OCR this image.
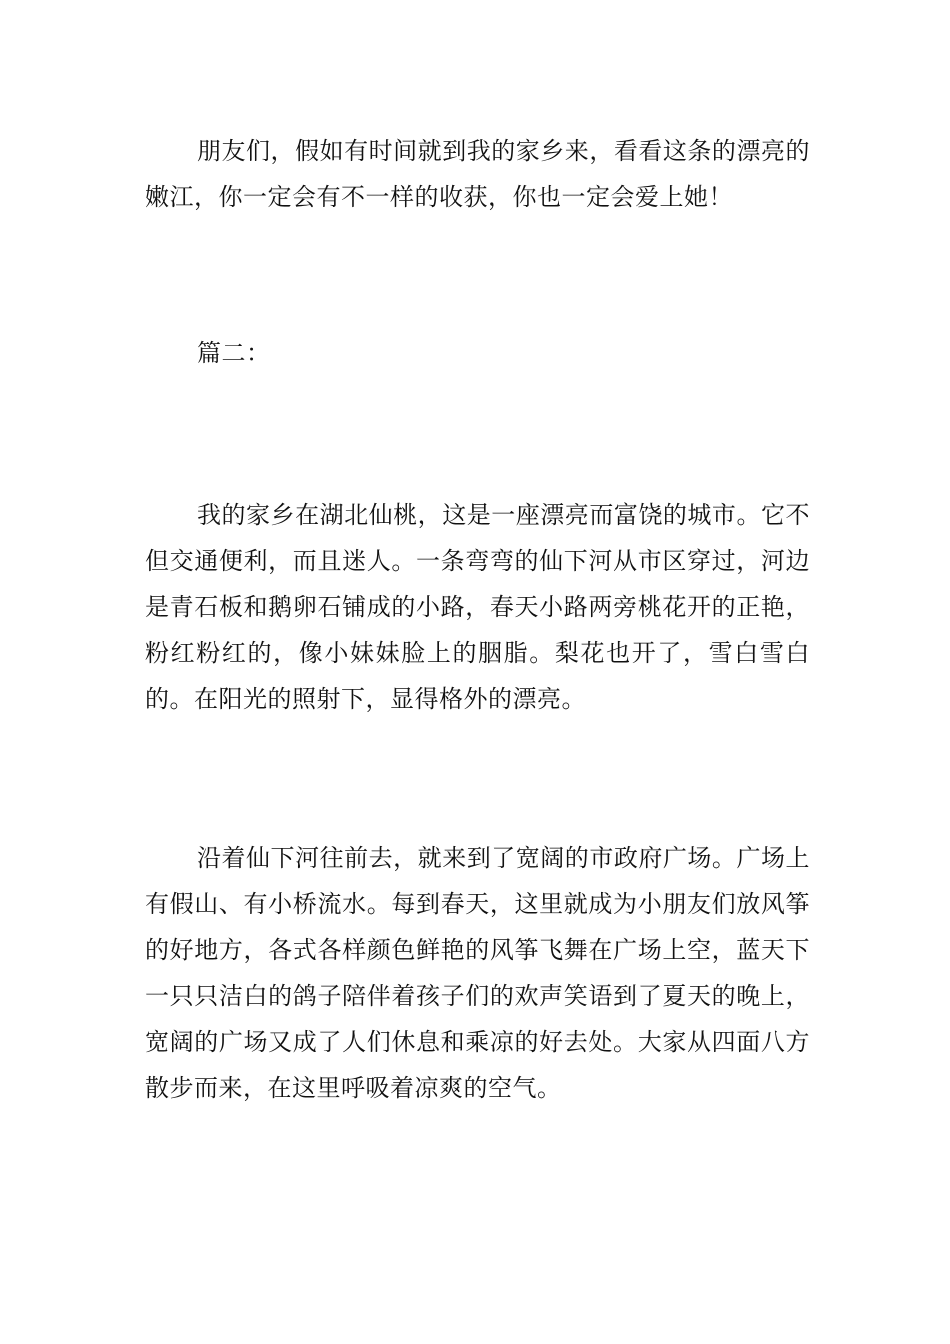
朋友们，假如有时间就到我的家乡来，看看这条的漂亮的嫩江，你一定会有不一样的收获，你也一定会爱上她！

篇二：

我的家乡在湖北仙桃，这是一座漂亮而富饶的城市。它不但交通便利，而且迷人。一条弯弯的仙下河从市区穿过，河边是青石板和鹅卵石铺成的小路，春天小路两旁桃花开的正艳，粉红粉红的，像小妹妹脸上的胭脂。梨花也开了，雪白雪白的。在阳光的照射下，显得格外的漂亮。

沿着仙下河往前去，就来到了宽阔的市政府广场。广场上有假山、有小桥流水。每到春天，这里就成为小朋友们放风筝的好地方，各式各样颜色鲜艳的风筝飞舞在广场上空，蓝天下一只只洁白的鸽子陪伴着孩子们的欢声笑语到了夏天的晚上，宽阔的广场又成了人们休息和乘凉的好去处。大家从四面八方散步而来，在这里呼吸着凉爽的空气。
